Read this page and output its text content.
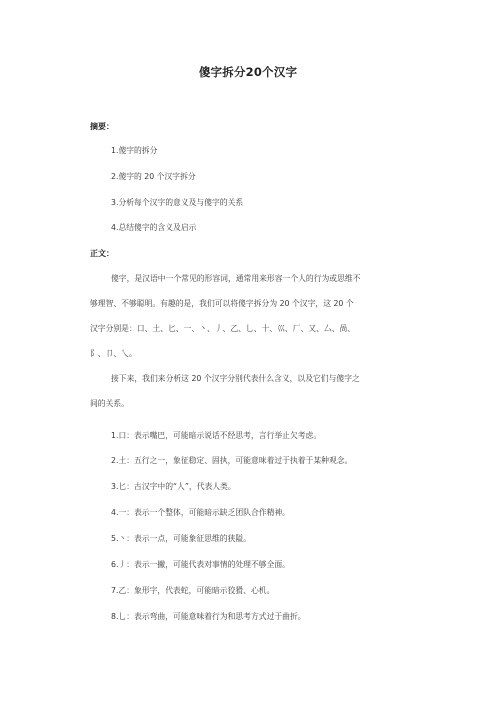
傻字拆分20个汉字
摘要：
1.傻字的拆分
2.傻字的 20 个汉字拆分
3.分析每个汉字的意义及与傻字的关系
4.总结傻字的含义及启示
正文：
傻字，是汉语中一个常见的形容词，通常用来形容一个人的行为或思维不
够理智、不够聪明。有趣的是，我们可以将傻字拆分为 20 个汉字，这 20 个
汉字分别是：口、土、匕、一、丶、丿、乙、乚、十、巛、厂、又、厶、咼、
阝、卩、乀。
接下来，我们来分析这 20 个汉字分别代表什么含义，以及它们与傻字之
间的关系。
1.口：表示嘴巴，可能暗示说话不经思考，言行举止欠考虑。
2.土：五行之一，象征稳定、固执，可能意味着过于执着于某种观念。
3.匕：古汉字中的“人”，代表人类。
4.一：表示一个整体，可能暗示缺乏团队合作精神。
5.丶：表示一点，可能象征思维的狭隘。
6.丿：表示一撇，可能代表对事情的处理不够全面。
7.乙：象形字，代表蛇，可能暗示狡猾、心机。
8.乚：表示弯曲，可能意味着行为和思考方式过于曲折。
